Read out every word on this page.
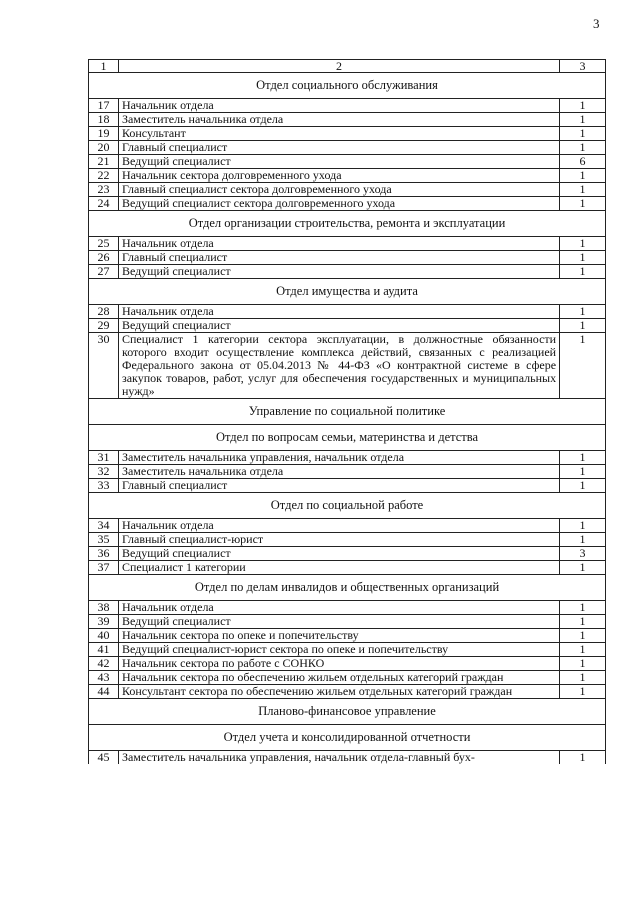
3
1	2	3
Отдел социального обслуживания		
17	Начальник отдела	1
18	Заместитель начальника отдела	1
19	Консультант	1
20	Главный специалист	1
21	Ведущий специалист	6
22	Начальник сектора долговременного ухода	1
23	Главный специалист сектора долговременного ухода	1
24	Ведущий специалист сектора долговременного ухода	1
Отдел организации строительства, ремонта и эксплуатации		
25	Начальник отдела	1
26	Главный специалист	1
27	Ведущий специалист	1
Отдел имущества и аудита		
28	Начальник отдела	1
29	Ведущий специалист	1
30	Специалист 1 категории сектора эксплуатации, в должностные обязанности которого входит осуществление комплекса действий, связанных с реализацией Федерального закона от 05.04.2013 № 44-ФЗ «О контрактной системе в сфере закупок товаров, работ, услуг для обеспечения государственных и муниципальных нужд»	1
Управление по социальной политике		
Отдел по вопросам семьи, материнства и детства		
31	Заместитель начальника управления, начальник отдела	1
32	Заместитель начальника отдела	1
33	Главный специалист	1
Отдел по социальной работе		
34	Начальник отдела	1
35	Главный специалист-юрист	1
36	Ведущий специалист	3
37	Специалист 1 категории	1
Отдел по делам инвалидов и общественных организаций		
38	Начальник отдела	1
39	Ведущий специалист	1
40	Начальник сектора по опеке и попечительству	1
41	Ведущий специалист-юрист сектора по опеке и попечительству	1
42	Начальник сектора по работе с СОНКО	1
43	Начальник сектора по обеспечению жильем отдельных категорий граждан	1
44	Консультант сектора по обеспечению жильем отдельных категорий граждан	1
Планово-финансовое управление		
Отдел учета и консолидированной отчетности		
45	Заместитель начальника управления, начальник отдела-главный бух-	1
